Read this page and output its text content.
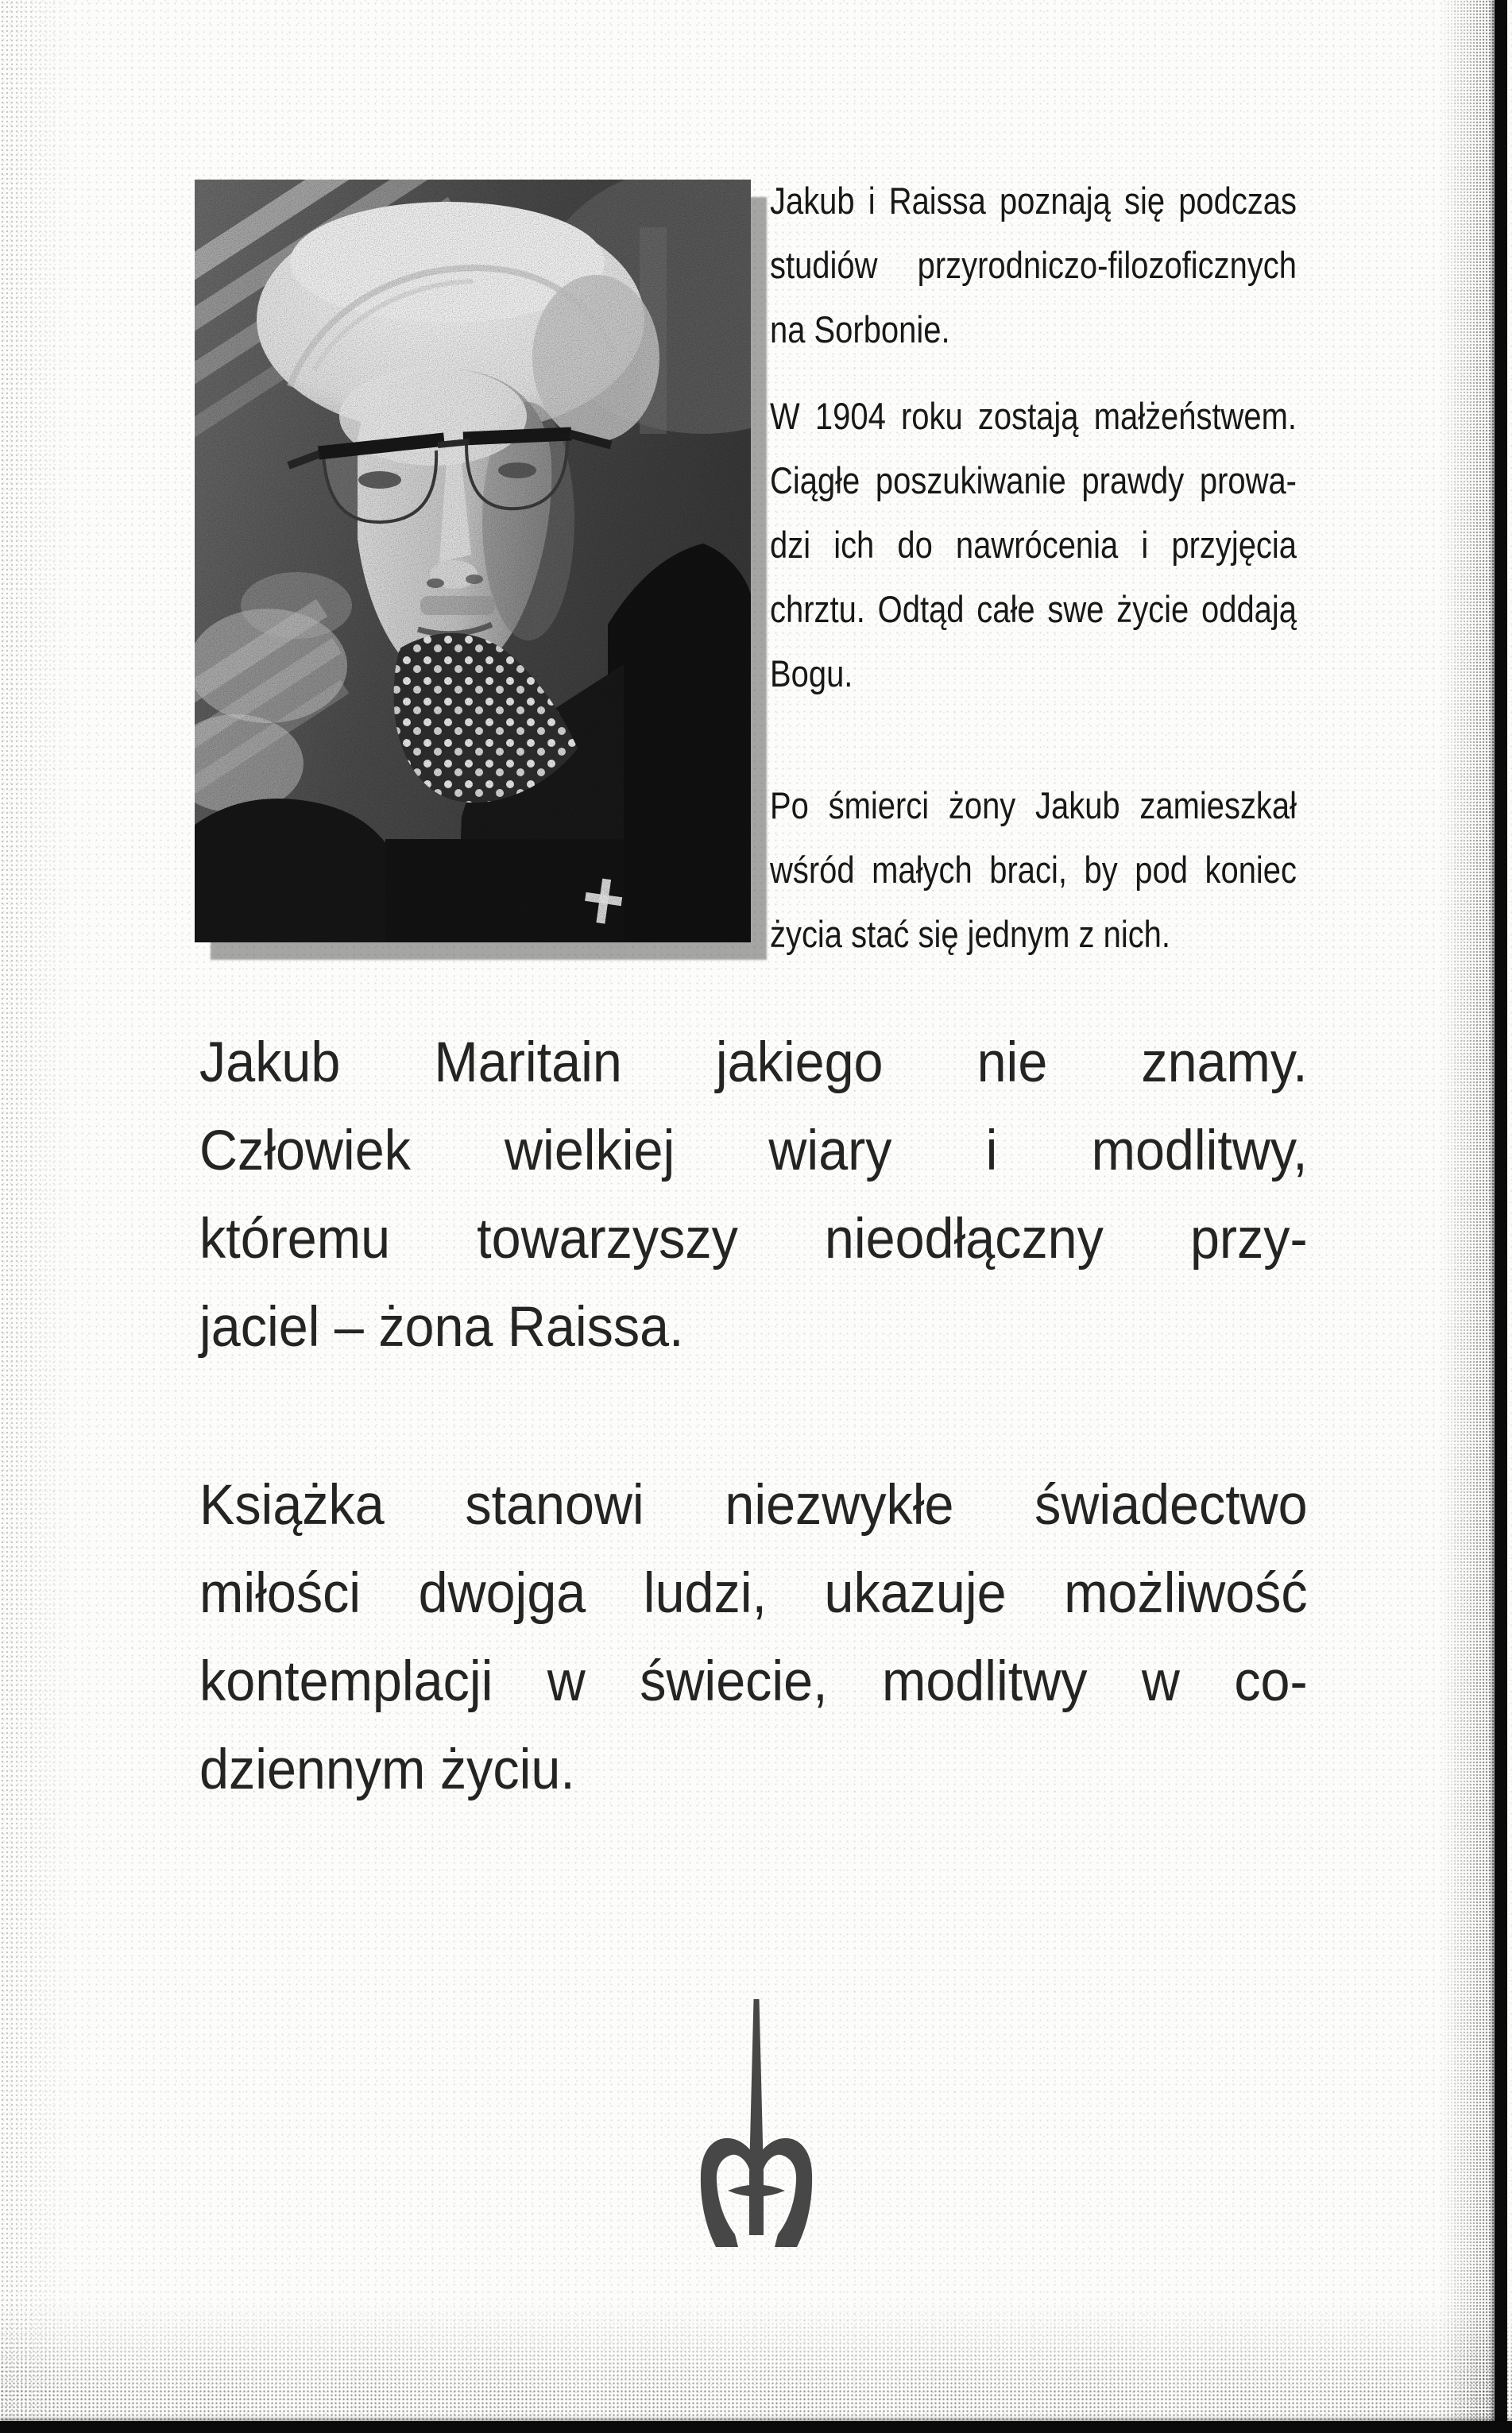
Jakub i Raissa poznają się podczas
studiów przyrodniczo-filozoficznych
na Sorbonie.

W 1904 roku zostają małżeństwem.
Ciągłe poszukiwanie prawdy prowa-
dzi ich do nawrócenia i przyjęcia
chrztu. Odtąd całe swe życie oddają
Bogu.

Po śmierci żony Jakub zamieszkał
wśród małych braci, by pod koniec
życia stać się jednym z nich.

Jakub Maritain jakiego nie znamy.
Człowiek wielkiej wiary i modlitwy,
któremu towarzyszy nieodłączny przy-
jaciel – żona Raissa.
Książka stanowi niezwykłe świadectwo
miłości dwojga ludzi, ukazuje możliwość
kontemplacji w świecie, modlitwy w co-
dziennym życiu.
